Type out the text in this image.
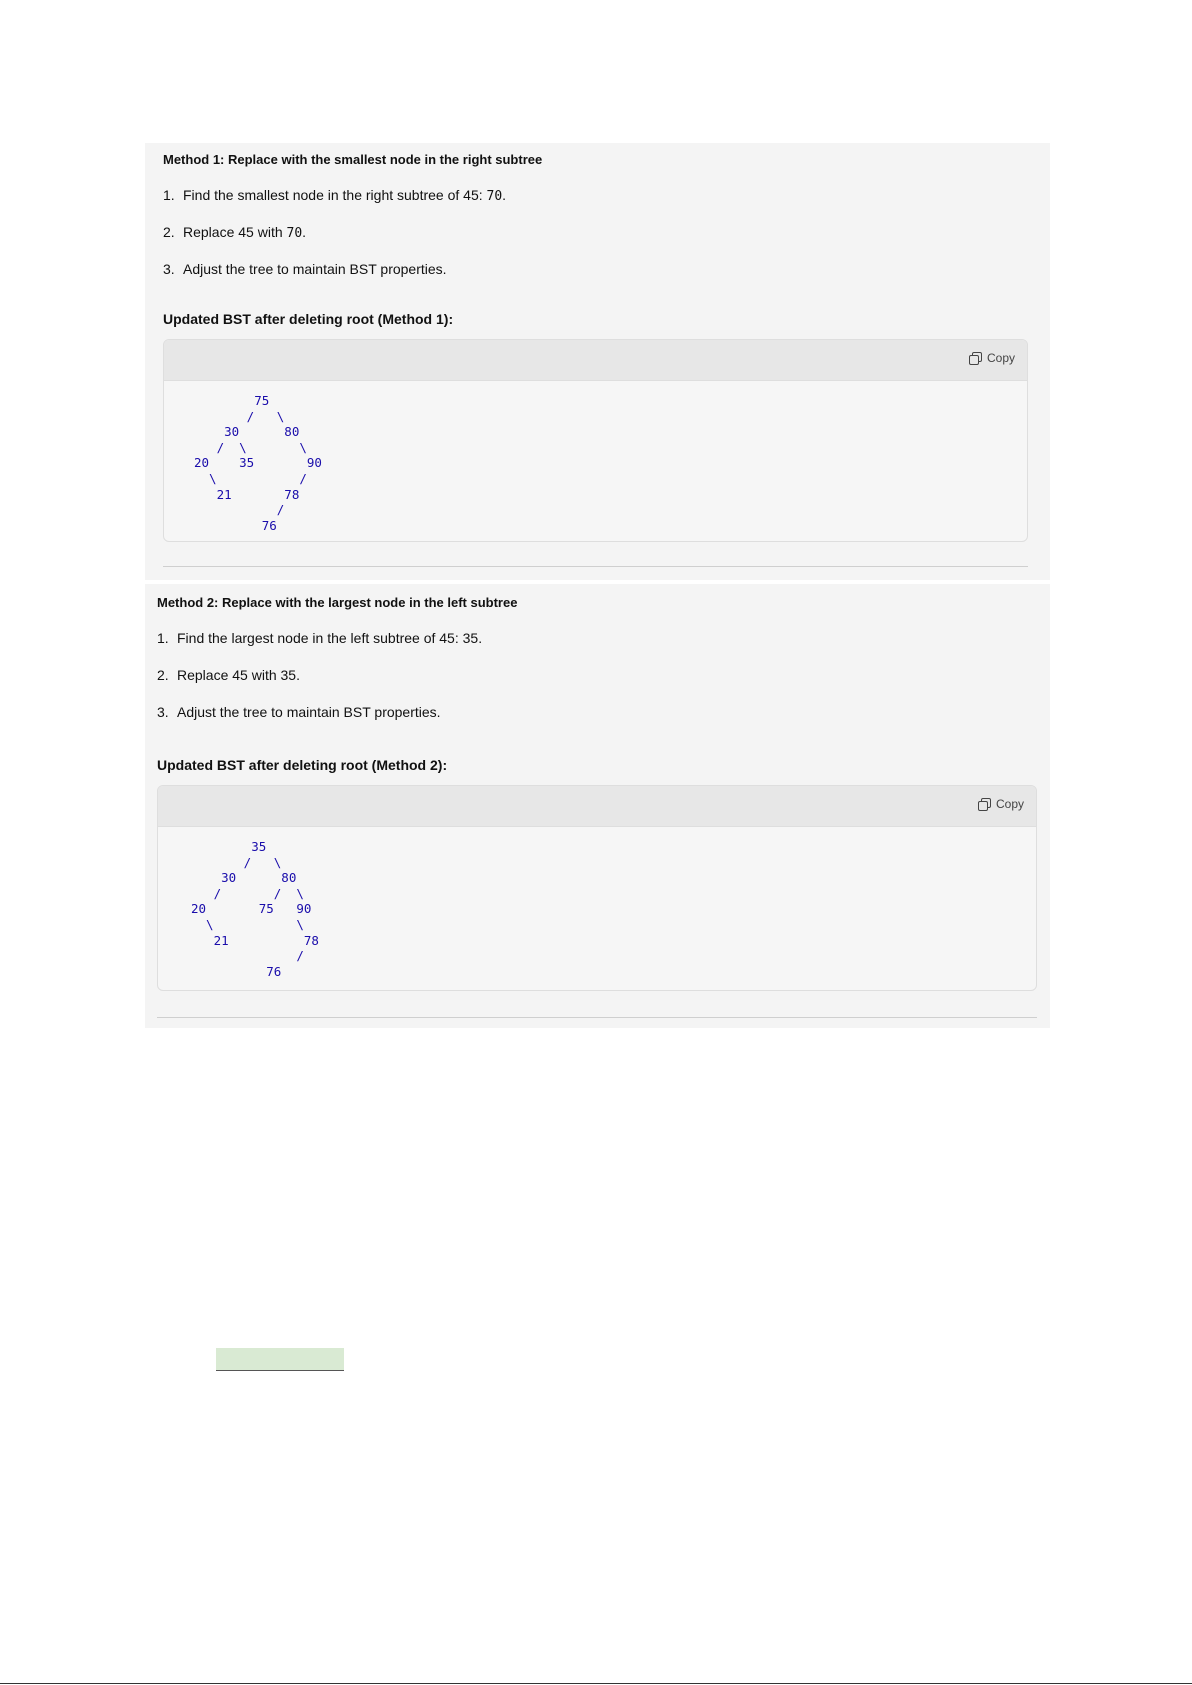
Method 1: Replace with the smallest node in the right subtree
1. Find the smallest node in the right subtree of 45: 70.
2. Replace 45 with 70.
3. Adjust the tree to maintain BST properties.
Updated BST after deleting root (Method 1):
Copy
75
/   \
30      80
/  \       \
20    35       90
\           /
21       78
/
76
Method 2: Replace with the largest node in the left subtree
1. Find the largest node in the left subtree of 45: 35.
2. Replace 45 with 35.
3. Adjust the tree to maintain BST properties.
Updated BST after deleting root (Method 2):
Copy
35
/   \
30      80
/       /  \
20       75   90
\           \
21          78
/
76
